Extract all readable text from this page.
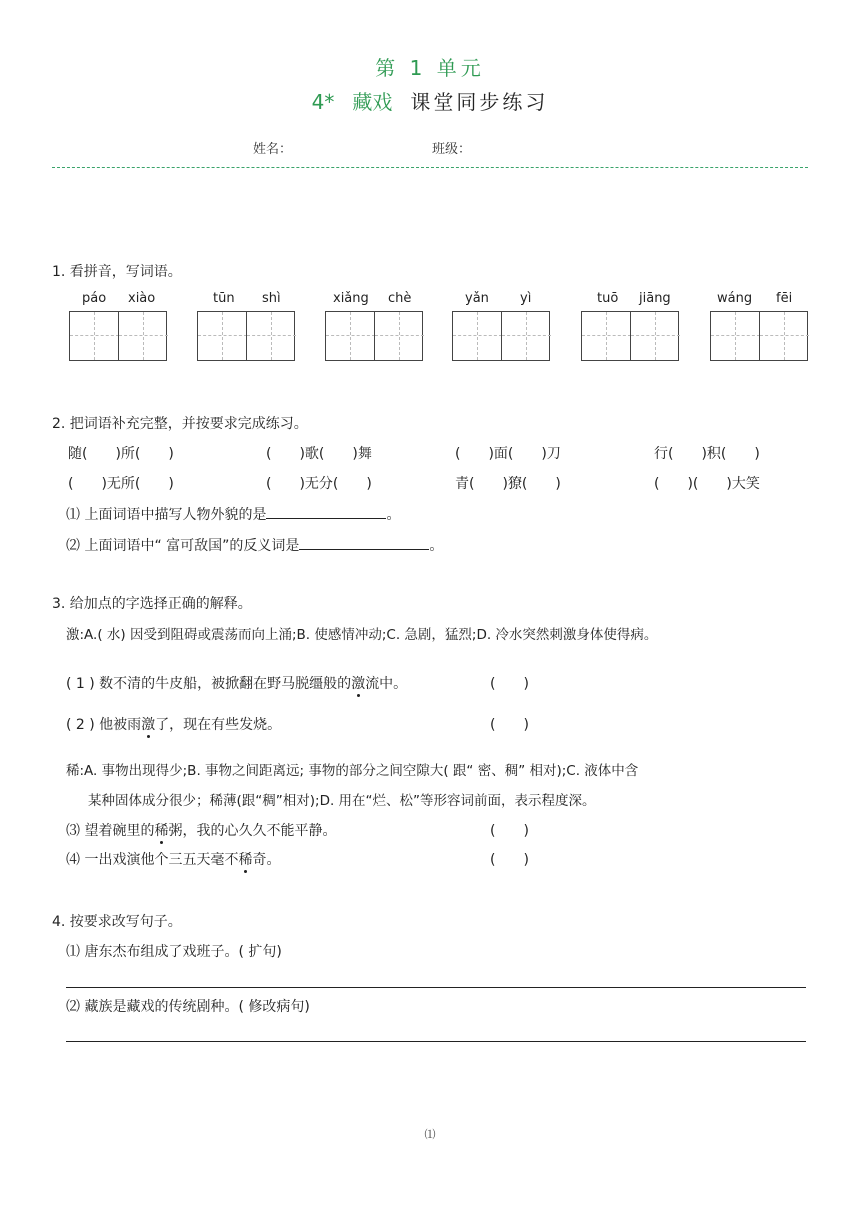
第 1 单元
4* 藏戏 课堂同步练习
姓名：	班级：
1. 看拼音，写词语。
páo xiào	tūn shì	xiǎng chè	yǎn yì	tuō jiāng	wáng fēi
2. 把词语补充完整，并按要求完成练习。
随(　　)所(　　)	(　　)歌(　　)舞	(　　)面(　　)刀	行(　　)积(　　)
(　　)无所(　　)	(　　)无分(　　)	青(　　)獠(　　)	(　　)(　　)大笑
⑴ 上面词语中描写人物外貌的是	。
⑵ 上面词语中“ 富可敌国”的反义词是	。
3. 给加点的字选择正确的解释。
激:A.( 水) 因受到阻碍或震荡而向上涌;B. 使感情冲动;C. 急剧，猛烈;D. 冷水突然刺激身体使得病。
( 1 ) 数不清的牛皮船，被掀翻在野马脱缰般的激流中。	(　　)
( 2 ) 他被雨激了，现在有些发烧。	(　　)
稀:A. 事物出现得少;B. 事物之间距离远; 事物的部分之间空隙大( 跟“ 密、稠” 相对);C. 液体中含
某种固体成分很少；稀薄(跟“稠”相对);D. 用在“烂、松”等形容词前面，表示程度深。
⑶ 望着碗里的稀粥，我的心久久不能平静。	(　　)
⑷ 一出戏演他个三五天毫不稀奇。	(　　)
4. 按要求改写句子。
⑴ 唐东杰布组成了戏班子。( 扩句)
⑵ 藏族是藏戏的传统剧种。( 修改病句)
⑴
